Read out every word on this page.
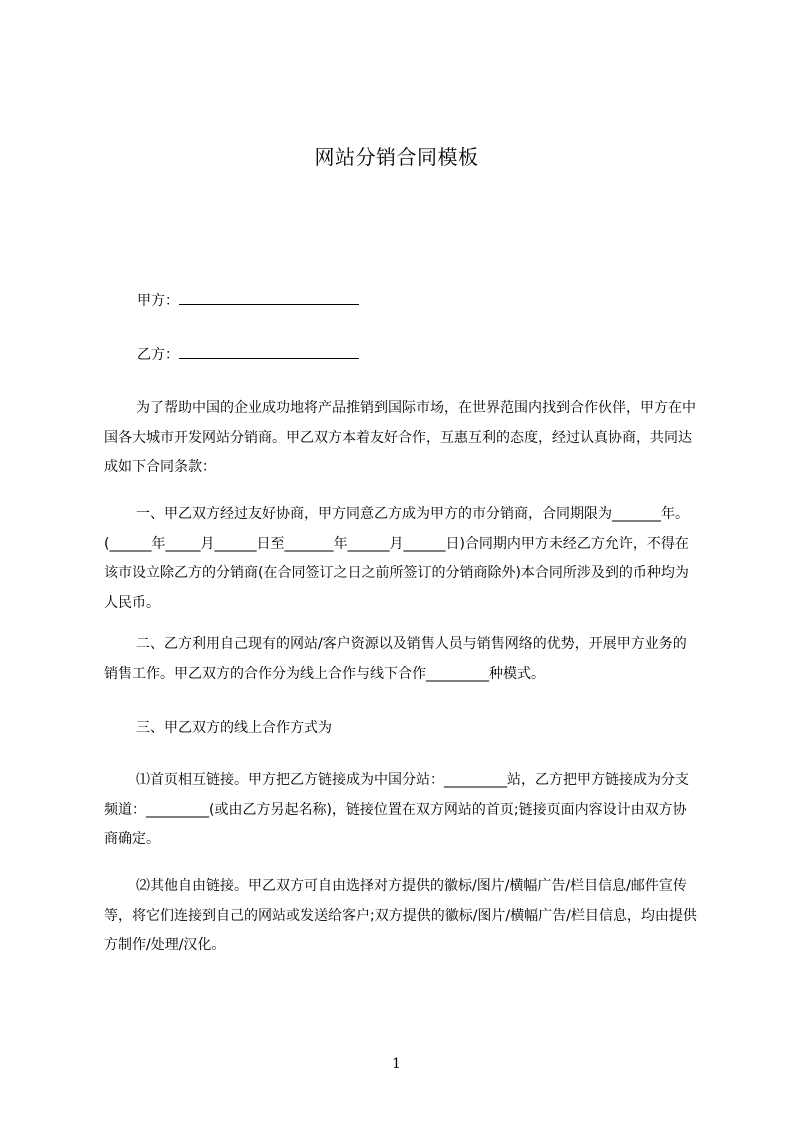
网站分销合同模板
甲方：
乙方：
为了帮助中国的企业成功地将产品推销到国际市场，在世界范围内找到合作伙伴，甲方在中国各大城市开发网站分销商。甲乙双方本着友好合作，互惠互利的态度，经过认真协商，共同达成如下合同条款：
一、甲乙双方经过友好协商，甲方同意乙方成为甲方的市分销商，合同期限为_______年。(______年_____月______日至_______年______月______日)合同期内甲方未经乙方允许，不得在该市设立除乙方的分销商(在合同签订之日之前所签订的分销商除外)本合同所涉及到的币种均为人民币。
二、乙方利用自己现有的网站/客户资源以及销售人员与销售网络的优势，开展甲方业务的销售工作。甲乙双方的合作分为线上合作与线下合作_________种模式。
三、甲乙双方的线上合作方式为
⑴首页相互链接。甲方把乙方链接成为中国分站：_________站，乙方把甲方链接成为分支频道：_________(或由乙方另起名称)，链接位置在双方网站的首页;链接页面内容设计由双方协商确定。
⑵其他自由链接。甲乙双方可自由选择对方提供的徽标/图片/横幅广告/栏目信息/邮件宣传等，将它们连接到自己的网站或发送给客户;双方提供的徽标/图片/横幅广告/栏目信息，均由提供方制作/处理/汉化。
1
